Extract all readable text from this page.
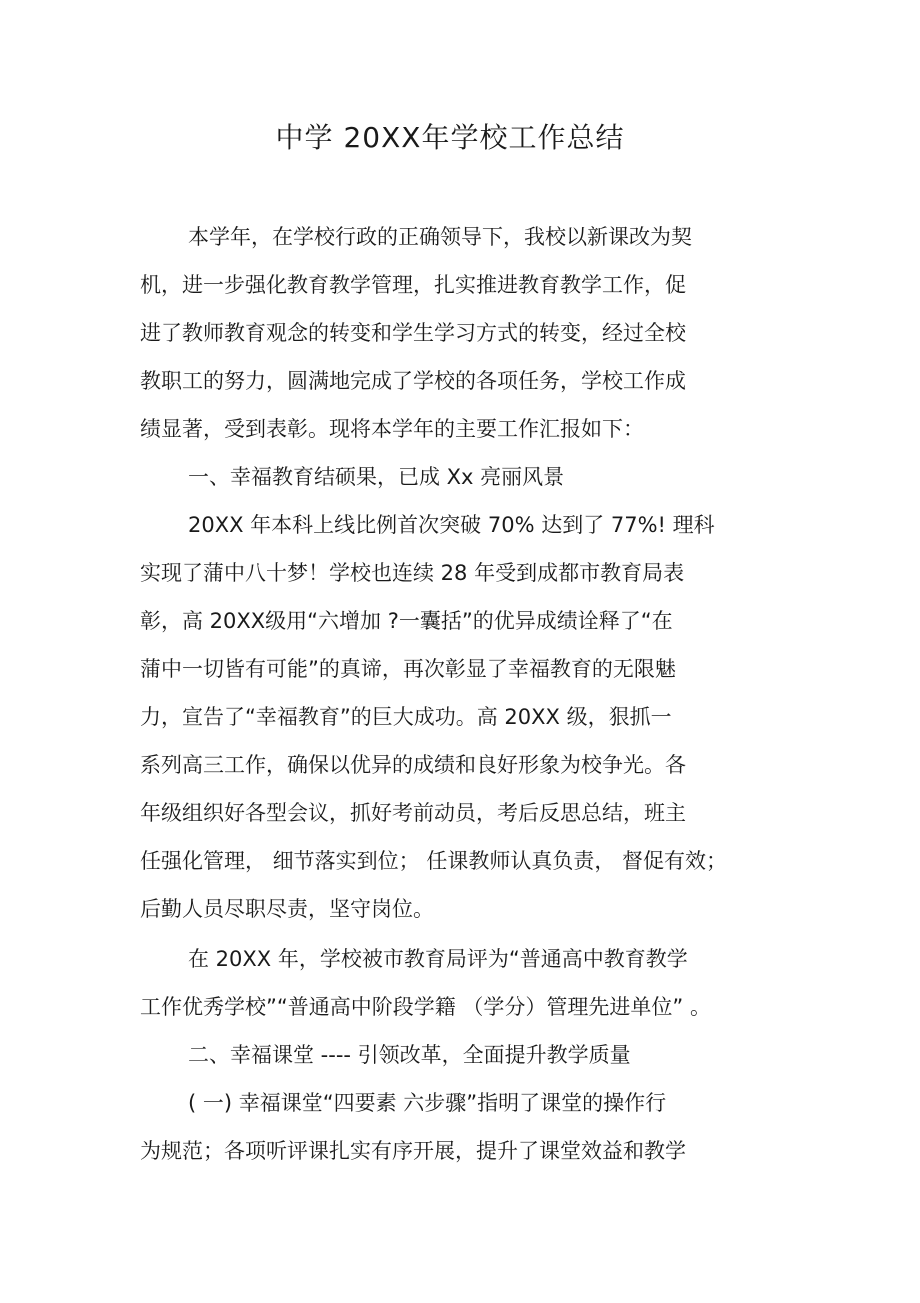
中学 20XX年学校工作总结
本学年，在学校行政的正确领导下，我校以新课改为契
机，进一步强化教育教学管理，扎实推进教育教学工作，促
进了教师教育观念的转变和学生学习方式的转变，经过全校
教职工的努力，圆满地完成了学校的各项任务，学校工作成
绩显著，受到表彰。现将本学年的主要工作汇报如下：
一、幸福教育结硕果，已成 Xx 亮丽风景
20XX 年本科上线比例首次突破 70% 达到了 77%! 理科
实现了蒲中八十梦！学校也连续 28 年受到成都市教育局表
彰，高 20XX级用“六增加 ?一囊括”的优异成绩诠释了“在
蒲中一切皆有可能”的真谛，再次彰显了幸福教育的无限魅
力，宣告了“幸福教育”的巨大成功。高 20XX 级，狠抓一
系列高三工作，确保以优异的成绩和良好形象为校争光。各
年级组织好各型会议，抓好考前动员，考后反思总结，班主
任强化管理， 细节落实到位； 任课教师认真负责， 督促有效；
后勤人员尽职尽责，坚守岗位。
在 20XX 年，学校被市教育局评为“普通高中教育教学
工作优秀学校”“普通高中阶段学籍 （学分）管理先进单位” 。
二、幸福课堂 ---- 引领改革，全面提升教学质量
( 一) 幸福课堂“四要素 六步骤”指明了课堂的操作行
为规范；各项听评课扎实有序开展，提升了课堂效益和教学
